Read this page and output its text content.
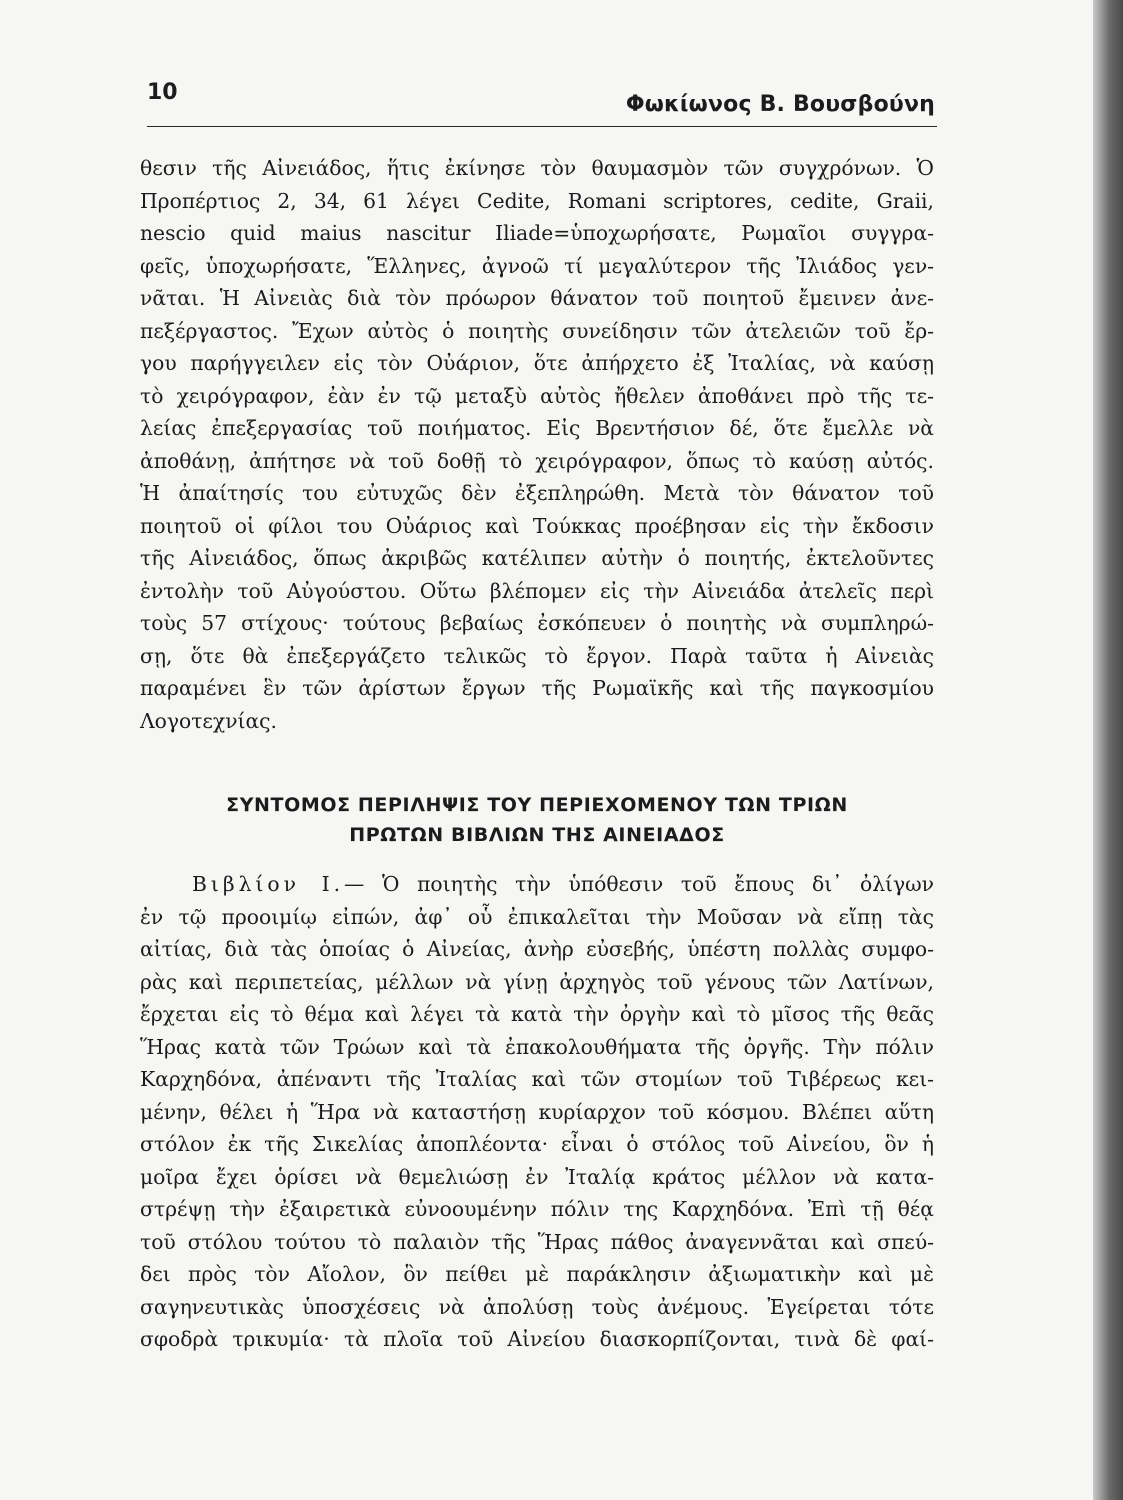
10	Φωκίωνος Β. Βουσβούνη
θεσιν τῆς Αἰνειάδος, ἥτις ἐκίνησε τὸν θαυμασμὸν τῶν συγχρόνων. Ὁ
Προπέρτιος 2, 34, 61 λέγει Cedite, Romani scriptores, cedite, Graii,
nescio quid maius nascitur Iliade=ὑποχωρήσατε, Ρωμαῖοι συγγρα-
φεῖς, ὑποχωρήσατε, Ἕλληνες, ἀγνοῶ τί μεγαλύτερον τῆς Ἰλιάδος γεν-
νᾶται. Ἡ Αἰνειὰς διὰ τὸν πρόωρον θάνατον τοῦ ποιητοῦ ἔμεινεν ἀνε-
πεξέργαστος. Ἔχων αὐτὸς ὁ ποιητὴς συνείδησιν τῶν ἀτελειῶν τοῦ ἔρ-
γου παρήγγειλεν εἰς τὸν Οὐάριον, ὅτε ἀπήρχετο ἐξ Ἰταλίας, νὰ καύσῃ
τὸ χειρόγραφον, ἐὰν ἐν τῷ μεταξὺ αὐτὸς ἤθελεν ἀποθάνει πρὸ τῆς τε-
λείας ἐπεξεργασίας τοῦ ποιήματος. Εἰς Βρεντήσιον δέ, ὅτε ἔμελλε νὰ
ἀποθάνῃ, ἀπήτησε νὰ τοῦ δοθῇ τὸ χειρόγραφον, ὅπως τὸ καύσῃ αὐτός.
Ἡ ἀπαίτησίς του εὐτυχῶς δὲν ἐξεπληρώθη. Μετὰ τὸν θάνατον τοῦ
ποιητοῦ οἱ φίλοι του Οὐάριος καὶ Τούκκας προέβησαν εἰς τὴν ἔκδοσιν
τῆς Αἰνειάδος, ὅπως ἀκριβῶς κατέλιπεν αὐτὴν ὁ ποιητής, ἐκτελοῦντες
ἐντολὴν τοῦ Αὐγούστου. Οὕτω βλέπομεν εἰς τὴν Αἰνειάδα ἀτελεῖς περὶ
τοὺς 57 στίχους· τούτους βεβαίως ἐσκόπευεν ὁ ποιητὴς νὰ συμπληρώ-
σῃ, ὅτε θὰ ἐπεξεργάζετο τελικῶς τὸ ἔργον. Παρὰ ταῦτα ἡ Αἰνειὰς
παραμένει ἓν τῶν ἀρίστων ἔργων τῆς Ρωμαϊκῆς καὶ τῆς παγκοσμίου
Λογοτεχνίας.
ΣΥΝΤΟΜΟΣ ΠΕΡΙΛΗΨΙΣ ΤΟΥ ΠΕΡΙΕΧΟΜΕΝΟΥ ΤΩΝ ΤΡΙΩΝ
ΠΡΩΤΩΝ ΒΙΒΛΙΩΝ ΤΗΣ ΑΙΝΕΙΑΔΟΣ
Βιβλίον Ι.— Ὁ ποιητὴς τὴν ὑπόθεσιν τοῦ ἔπους δι᾽ ὀλίγων
ἐν τῷ προοιμίῳ εἰπών, ἀφ᾽ οὗ ἐπικαλεῖται τὴν Μοῦσαν νὰ εἴπῃ τὰς
αἰτίας, διὰ τὰς ὁποίας ὁ Αἰνείας, ἀνὴρ εὐσεβής, ὑπέστη πολλὰς συμφο-
ρὰς καὶ περιπετείας, μέλλων νὰ γίνῃ ἀρχηγὸς τοῦ γένους τῶν Λατίνων,
ἔρχεται εἰς τὸ θέμα καὶ λέγει τὰ κατὰ τὴν ὀργὴν καὶ τὸ μῖσος τῆς θεᾶς
Ἥρας κατὰ τῶν Τρώων καὶ τὰ ἐπακολουθήματα τῆς ὀργῆς. Τὴν πόλιν
Καρχηδόνα, ἀπέναντι τῆς Ἰταλίας καὶ τῶν στομίων τοῦ Τιβέρεως κει-
μένην, θέλει ἡ Ἥρα νὰ καταστήσῃ κυρίαρχον τοῦ κόσμου. Βλέπει αὕτη
στόλον ἐκ τῆς Σικελίας ἀποπλέοντα· εἶναι ὁ στόλος τοῦ Αἰνείου, ὃν ἡ
μοῖρα ἔχει ὁρίσει νὰ θεμελιώσῃ ἐν Ἰταλίᾳ κράτος μέλλον νὰ κατα-
στρέψῃ τὴν ἐξαιρετικὰ εὐνοουμένην πόλιν της Καρχηδόνα. Ἐπὶ τῇ θέᾳ
τοῦ στόλου τούτου τὸ παλαιὸν τῆς Ἥρας πάθος ἀναγεννᾶται καὶ σπεύ-
δει πρὸς τὸν Αἴολον, ὃν πείθει μὲ παράκλησιν ἀξιωματικὴν καὶ μὲ
σαγηνευτικὰς ὑποσχέσεις νὰ ἀπολύσῃ τοὺς ἀνέμους. Ἐγείρεται τότε
σφοδρὰ τρικυμία· τὰ πλοῖα τοῦ Αἰνείου διασκορπίζονται, τινὰ δὲ φαί-
